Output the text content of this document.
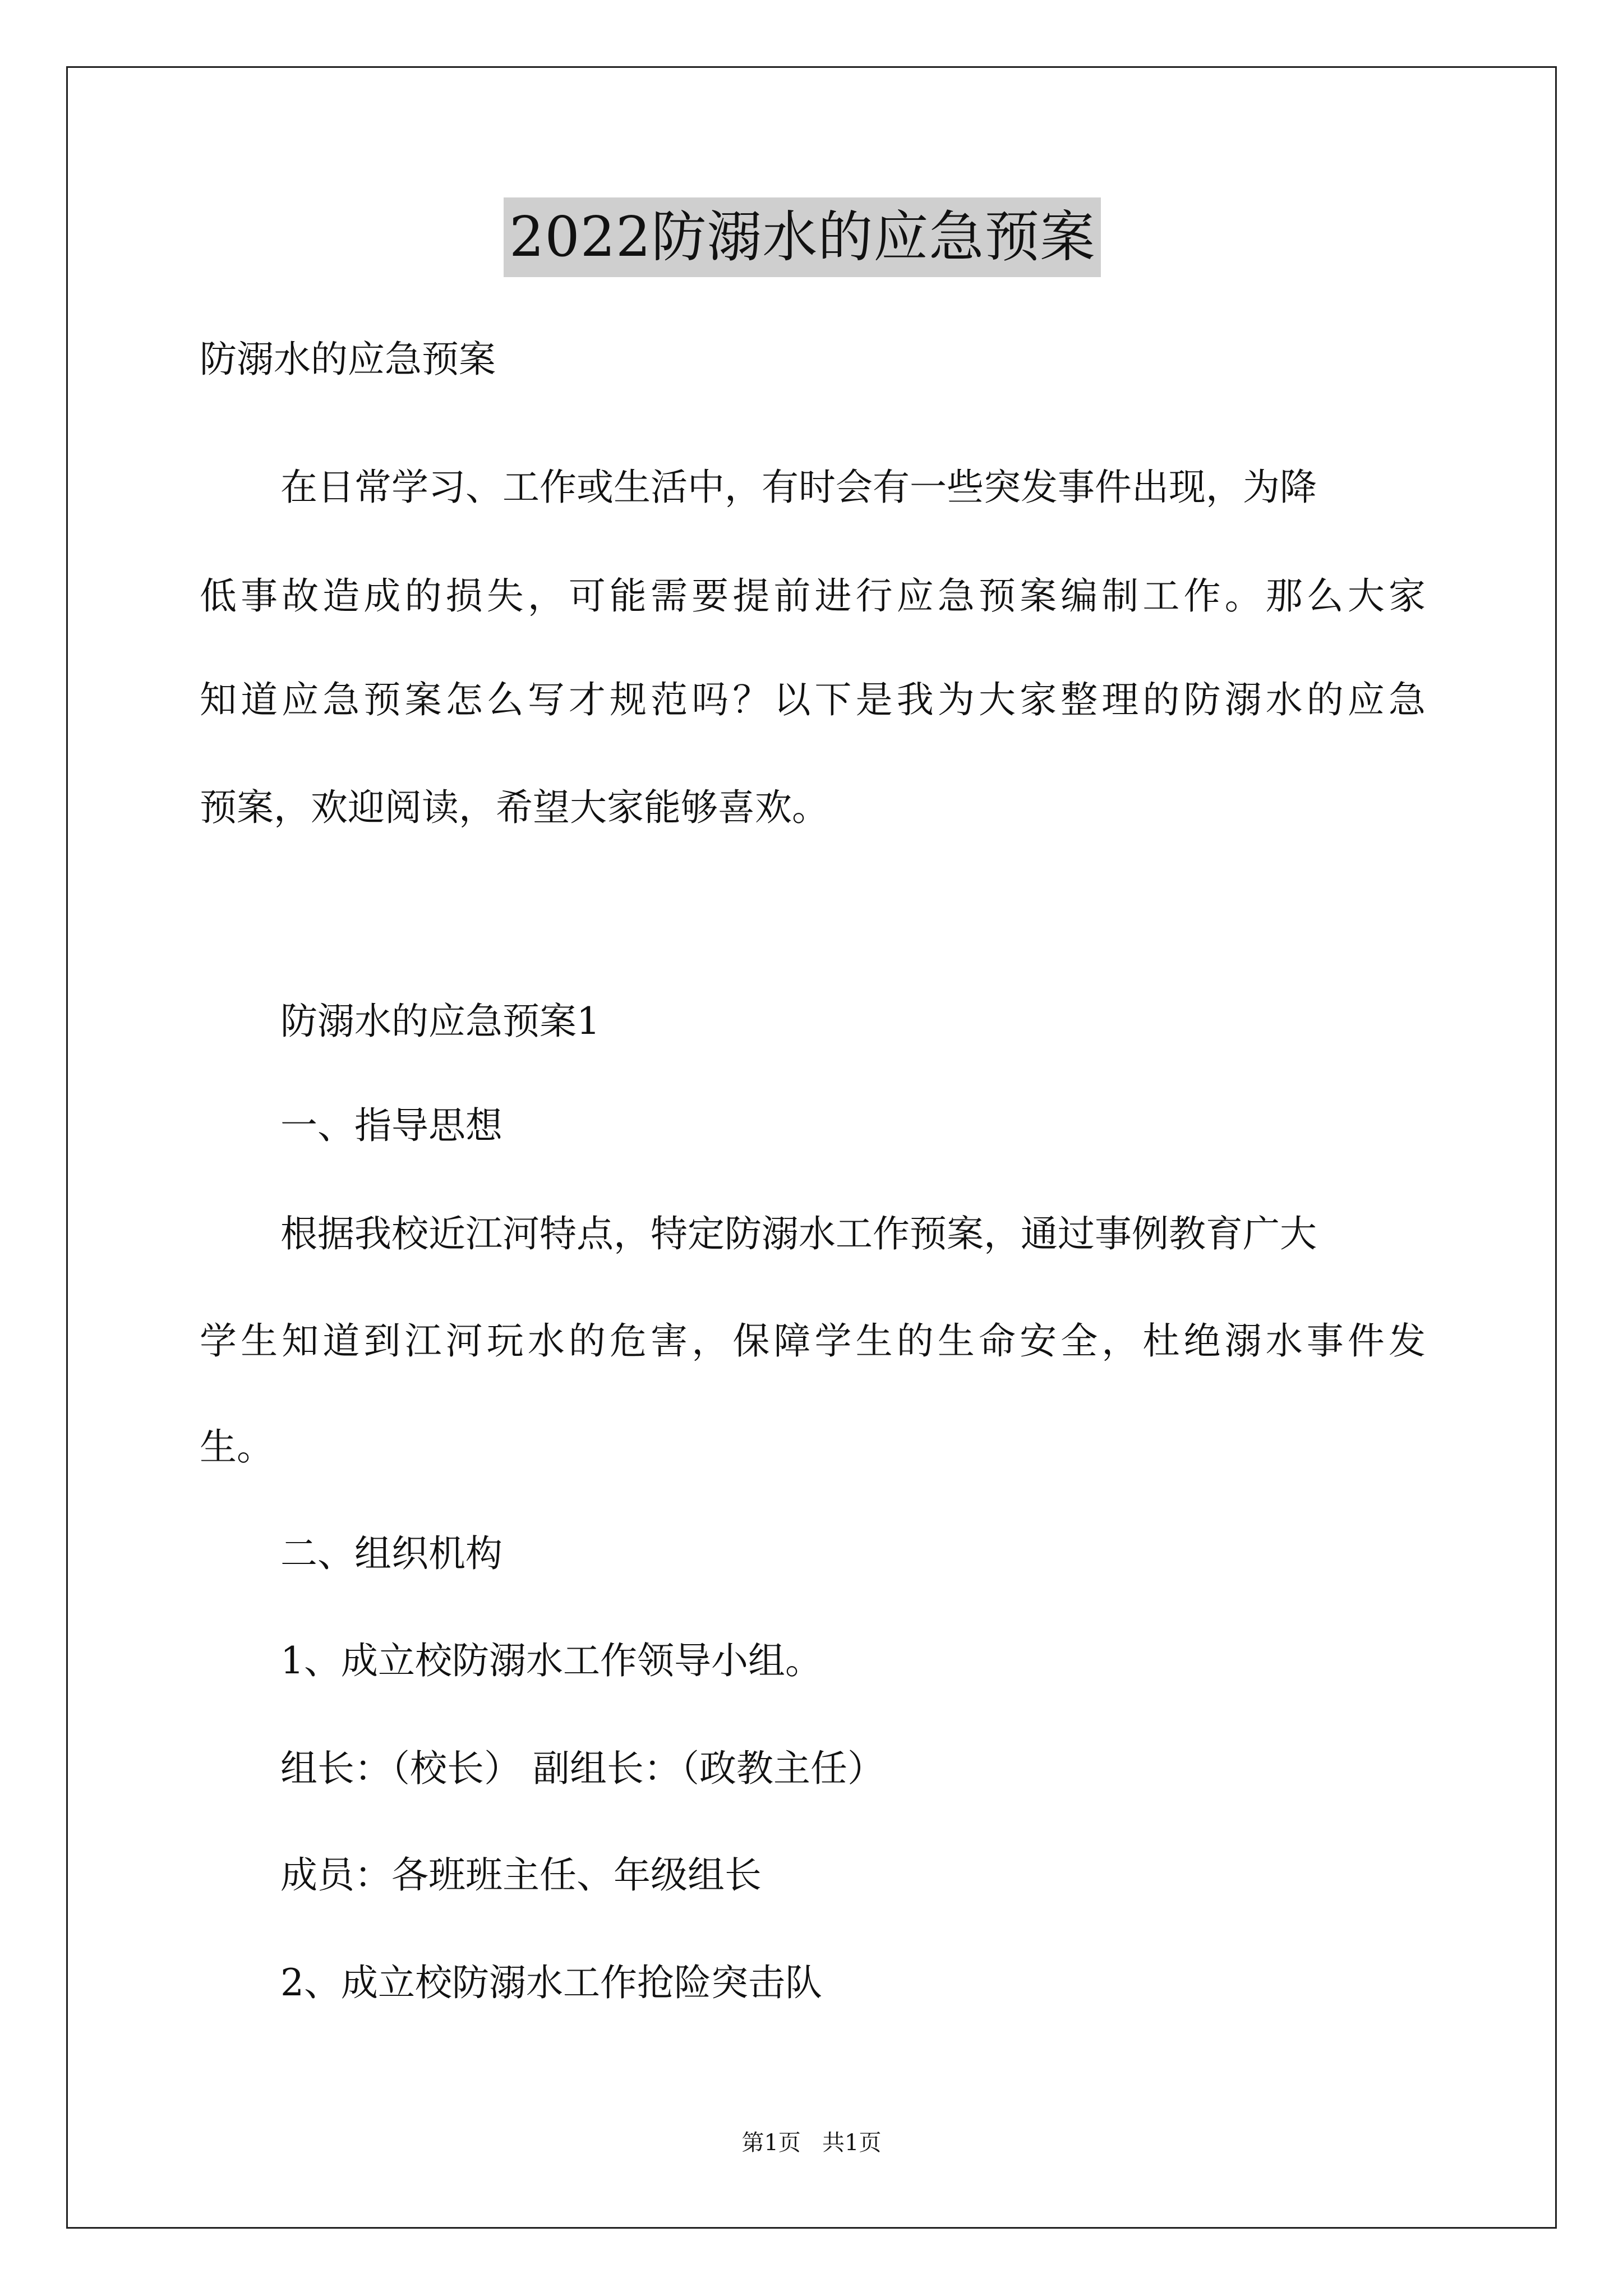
2022防溺水的应急预案
防溺水的应急预案
在日常学习、工作或生活中，有时会有一些突发事件出现，为降
低事故造成的损失，可能需要提前进行应急预案编制工作。那么大家
知道应急预案怎么写才规范吗？以下是我为大家整理的防溺水的应急
预案，欢迎阅读，希望大家能够喜欢。
防溺水的应急预案1
一、指导思想
根据我校近江河特点，特定防溺水工作预案，通过事例教育广大
学生知道到江河玩水的危害，保障学生的生命安全，杜绝溺水事件发
生。
二、组织机构
1、成立校防溺水工作领导小组。
组长：（校长） 副组长：（政教主任）
成员：各班班主任、年级组长
2、成立校防溺水工作抢险突击队
第1页   共1页
